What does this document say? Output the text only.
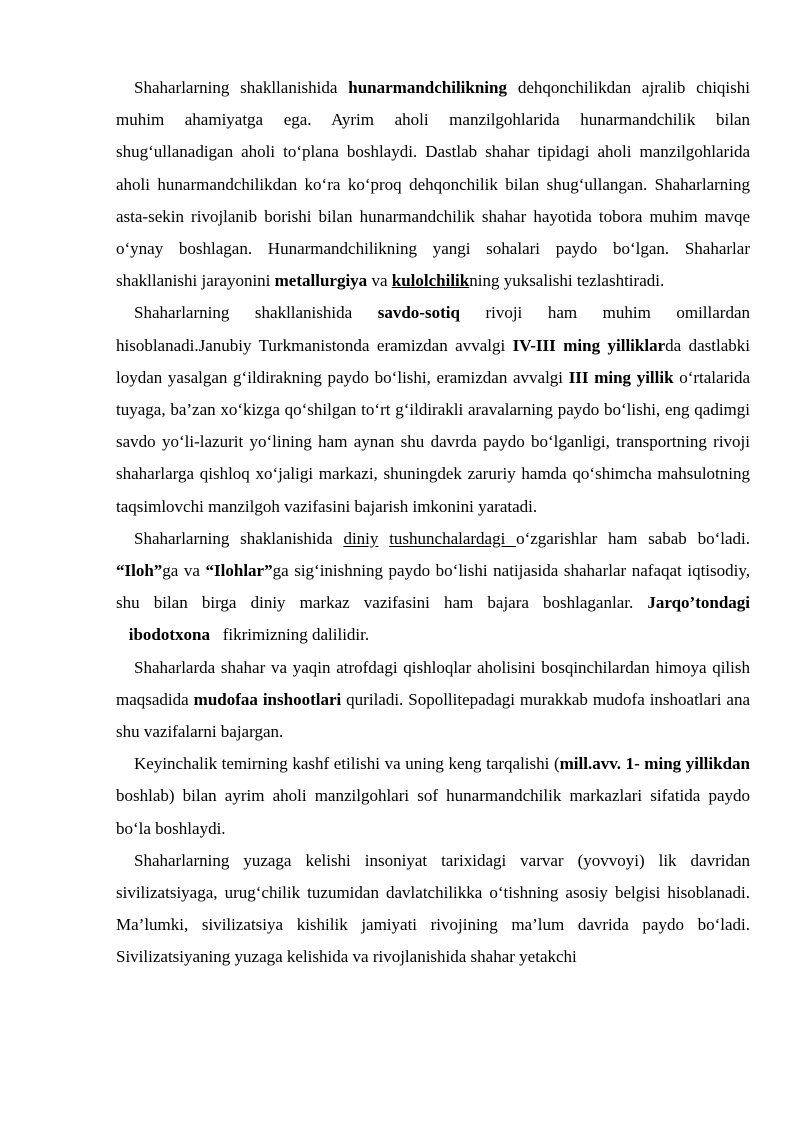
Shaharlarning shakllanishida hunarmandchilikning dehqonchilikdan ajralib chiqishi muhim ahamiyatga ega. Ayrim aholi manzilgohlarida hunarmandchilik bilan shug‘ullanadigan aholi to‘plana boshlaydi. Dastlab shahar tipidagi aholi manzilgohlarida aholi hunarmandchilikdan ko‘ra ko‘proq dehqonchilik bilan shug‘ullangan. Shaharlarning asta-sekin rivojlanib borishi bilan hunarmandchilik shahar hayotida tobora muhim mavqe o‘ynay boshlagan. Hunarmandchilikning yangi sohalari paydo bo‘lgan. Shaharlar shakllanishi jarayonini metallurgiya va kulolchilikning yuksalishi tezlashtiradi.

Shaharlarning shakllanishida savdo-sotiq rivoji ham muhim omillardan hisoblanadi.Janubiy Turkmanistonda eramizdan avvalgi IV-III ming yilliklarda dastlabki loydan yasalgan g‘ildirakning paydo bo‘lishi, eramizdan avvalgi III ming yillik o‘rtalarida tuyaga, ba’zan xo‘kizga qo‘shilgan to‘rt g‘ildirakli aravalarning paydo bo‘lishi, eng qadimgi savdo yo‘li-lazurit yo‘lining ham aynan shu davrda paydo bo‘lganligi, transportning rivoji shaharlarga qishloq xo‘jaligi markazi, shuningdek zaruriy hamda qo‘shimcha mahsulotning taqsimlovchi manzilgoh vazifasini bajarish imkonini yaratadi.

Shaharlarning shaklanishida diniy tushunchalardagi o‘zgarishlar ham sabab bo‘ladi. “Iloh”ga va “Ilohlar”ga sig‘inishning paydo bo‘lishi natijasida shaharlar nafaqat iqtisodiy, shu bilan birga diniy markaz vazifasini ham bajara boshlaganlar. Jarqo’tondagi   ibodotxona   fikrimizning dalilidir.

Shaharlarda shahar va yaqin atrofdagi qishloqlar aholisini bosqinchilardan himoya qilish maqsadida mudofaa inshootlari quriladi. Sopollitepadagi murakkab mudofa inshoatlari ana shu vazifalarni bajargan.

Keyinchalik temirning kashf etilishi va uning keng tarqalishi (mill.avv. 1- ming yillikdan boshlab) bilan ayrim aholi manzilgohlari sof hunarmandchilik markazlari sifatida paydo bo‘la boshlaydi.

Shaharlarning yuzaga kelishi insoniyat tarixidagi varvar (yovvoyi) lik davridan sivilizatsiyaga, urug‘chilik tuzumidan davlatchilikka o‘tishning asosiy belgisi hisoblanadi. Ma’lumki, sivilizatsiya kishilik jamiyati rivojining ma’lum davrida paydo bo‘ladi. Sivilizatsiyaning yuzaga kelishida va rivojlanishida shahar yetakchi
